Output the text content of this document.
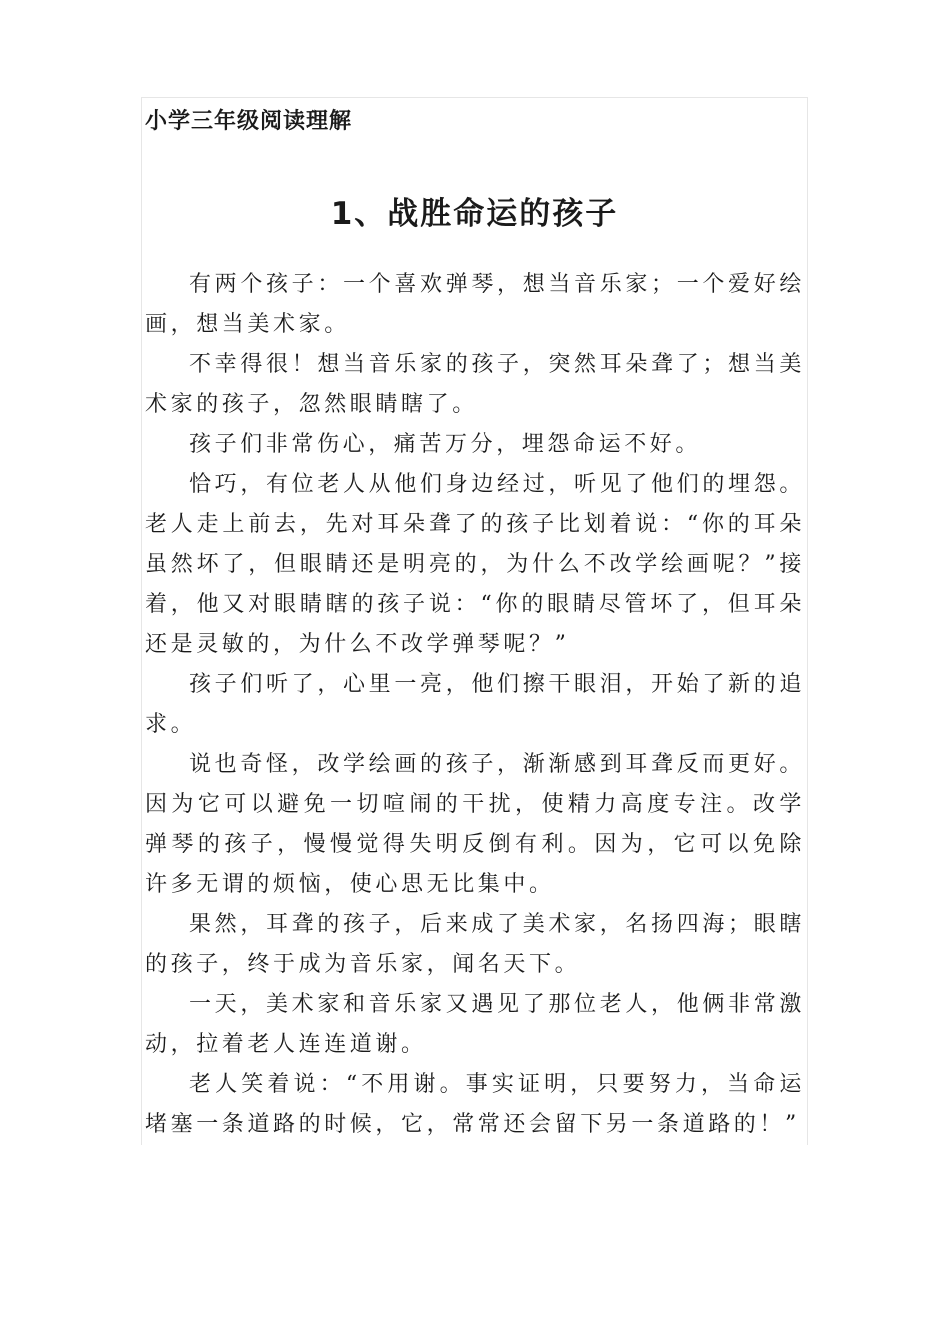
小学三年级阅读理解
1、战胜命运的孩子

有两个孩子：一个喜欢弹琴，想当音乐家；一个爱好绘画，想当美术家。

不幸得很！想当音乐家的孩子，突然耳朵聋了；想当美术家的孩子，忽然眼睛瞎了。

孩子们非常伤心，痛苦万分，埋怨命运不好。

恰巧，有位老人从他们身边经过，听见了他们的埋怨。老人走上前去，先对耳朵聋了的孩子比划着说：“你的耳朵虽然坏了，但眼睛还是明亮的，为什么不改学绘画呢？”接着，他又对眼睛瞎的孩子说：“你的眼睛尽管坏了，但耳朵还是灵敏的，为什么不改学弹琴呢？”

孩子们听了，心里一亮，他们擦干眼泪，开始了新的追求。

说也奇怪，改学绘画的孩子，渐渐感到耳聋反而更好。因为它可以避免一切喧闹的干扰，使精力高度专注。改学弹琴的孩子，慢慢觉得失明反倒有利。因为，它可以免除许多无谓的烦恼，使心思无比集中。

果然，耳聋的孩子，后来成了美术家，名扬四海；眼瞎的孩子，终于成为音乐家，闻名天下。

一天，美术家和音乐家又遇见了那位老人，他俩非常激动，拉着老人连连道谢。

老人笑着说：“不用谢。事实证明，只要努力，当命运堵塞一条道路的时候，它，常常还会留下另一条道路的！”
